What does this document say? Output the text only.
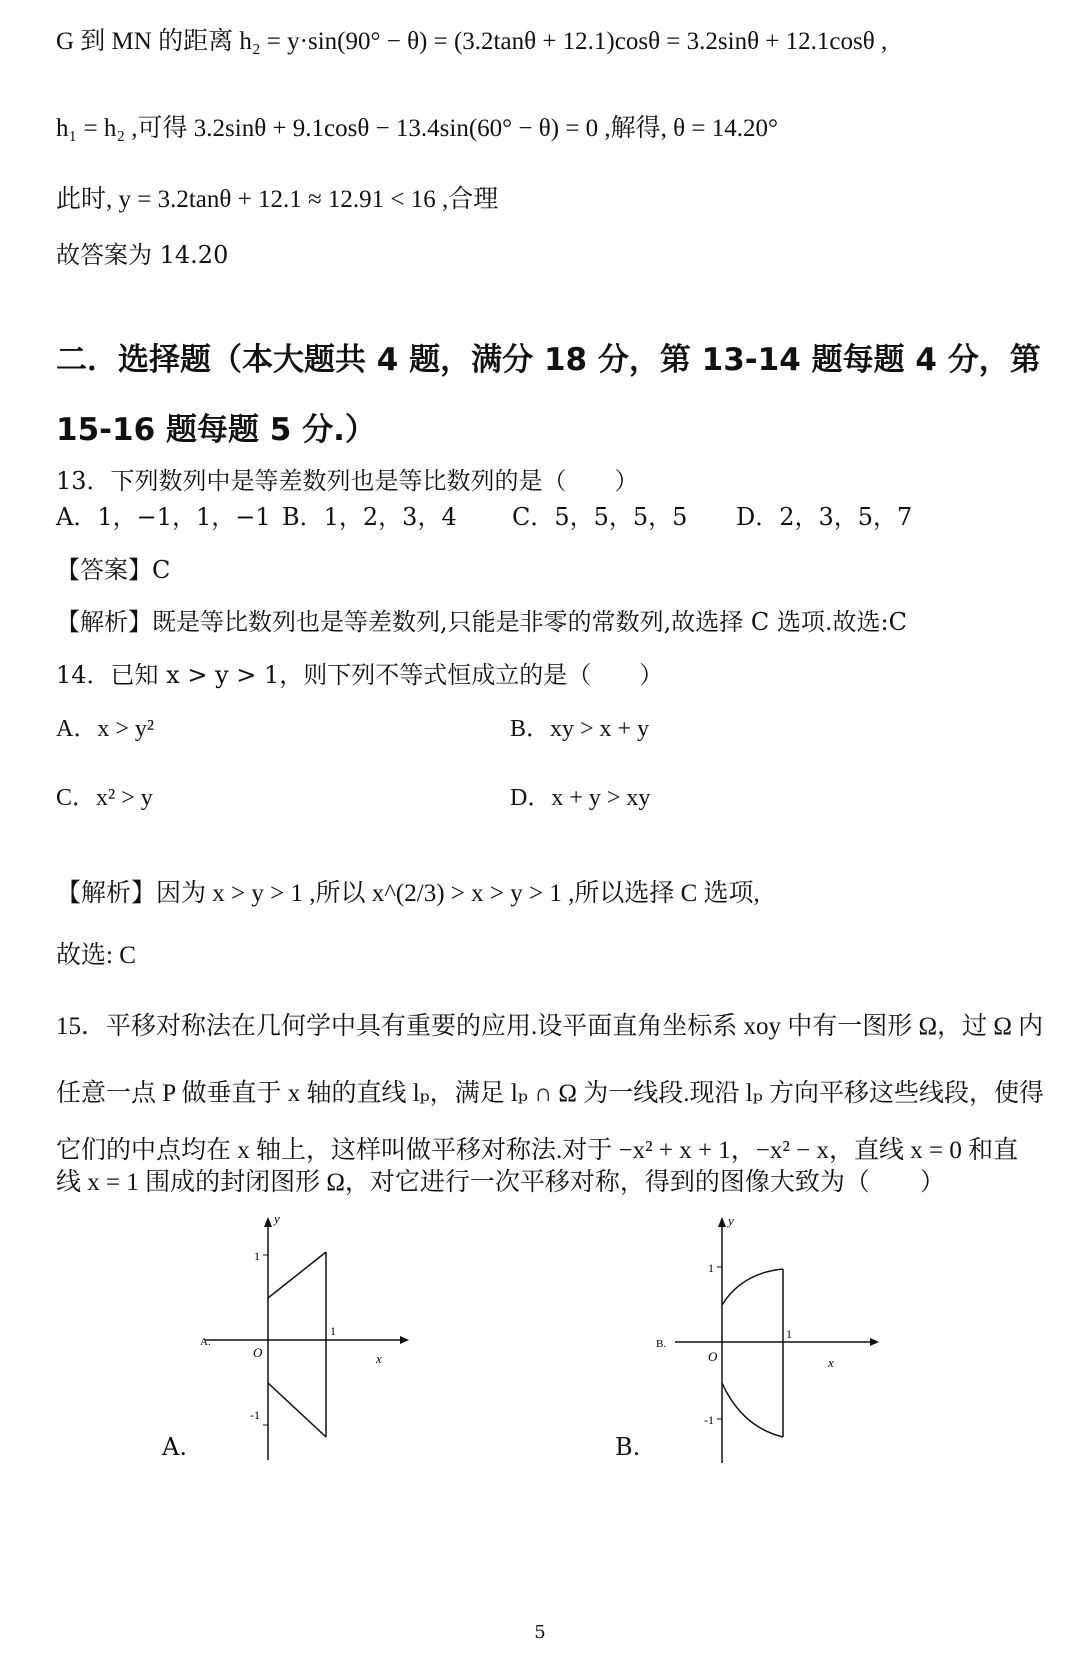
G 到 MN 的距离 h₂ = y·sin(90° − θ) = (3.2tanθ + 12.1)cosθ = 3.2sinθ + 12.1cosθ ,
h₁ = h₂ ,可得 3.2sinθ + 9.1cosθ − 13.4sin(60° − θ) = 0 ,解得, θ = 14.20°
此时, y = 3.2tanθ + 12.1 ≈ 12.91 < 16 ,合理
故答案为 14.20
二．选择题（本大题共 4 题，满分 18 分，第 13-14 题每题 4 分，第
15-16 题每题 5 分.）
13．下列数列中是等差数列也是等比数列的是（　　）
A．1，−1，1，−1 B．1，2，3，4 C．5，5，5，5 D．2，3，5，7
【答案】C
【解析】既是等比数列也是等差数列,只能是非零的常数列,故选择 C 选项.故选:C
14．已知 x > y > 1，则下列不等式恒成立的是（　　）
A．x > y²	B．xy > x + y
C．x² > y	D．x + y > xy
【解析】因为 x > y > 1 ,所以 x^(2/3) > x > y > 1 ,所以选择 C 选项,
故选: C
15．平移对称法在几何学中具有重要的应用.设平面直角坐标系 xoy 中有一图形 Ω，过 Ω 内
任意一点 P 做垂直于 x 轴的直线 lₚ，满足 lₚ ∩ Ω 为一线段.现沿 lₚ 方向平移这些线段，使得
它们的中点均在 x 轴上，这样叫做平移对称法.对于 −x² + x + 1，−x² − x，直线 x = 0 和直
线 x = 1 围成的封闭图形 Ω，对它进行一次平移对称，得到的图像大致为（　　）
y
x
O
1
1
-1
A.
A.
y
x
O
1
1
-1
B.
B.
5
